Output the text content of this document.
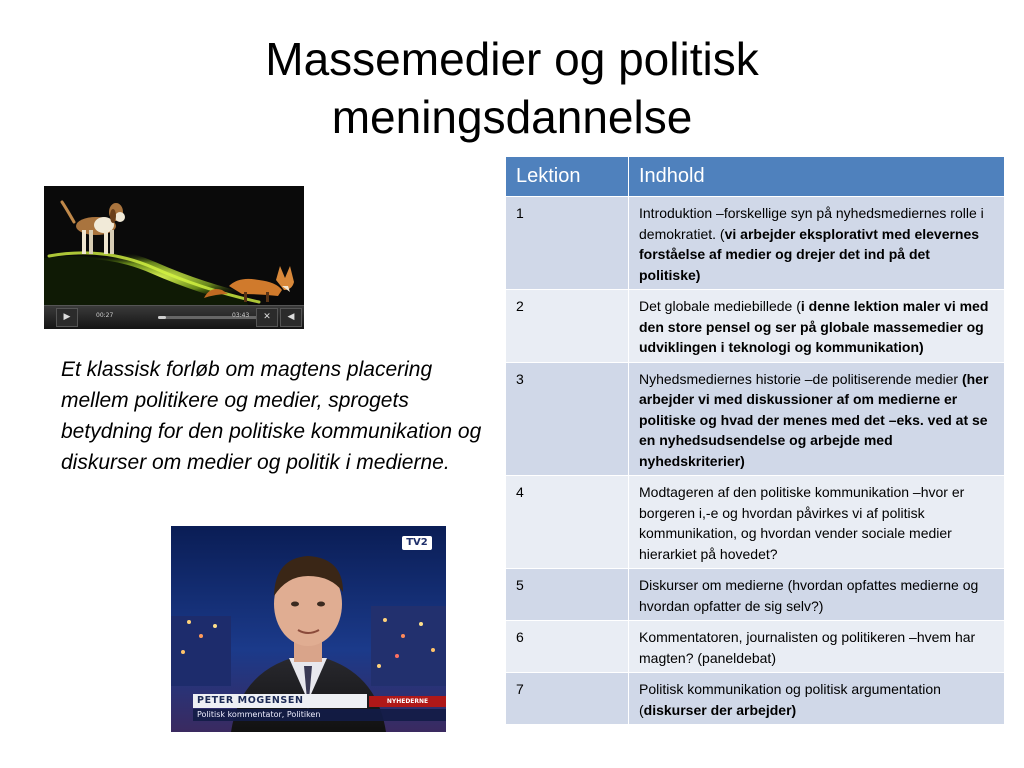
Massemedier og politisk
meningsdannelse
▶	00:27	03:43	✕	◀
Et klassisk forløb om magtens placering mellem politikere og medier, sprogets betydning for den politiske kommunikation og diskurser om medier og politik i medierne.
TV2
PETER MOGENSEN	NYHEDERNE
Politisk kommentator, Politiken
Lektion	Indhold
1	Introduktion –forskellige syn på nyhedsmediernes rolle i demokratiet. (vi arbejder eksplorativt med elevernes forståelse af medier og drejer det ind på det politiske)
2	Det globale mediebillede (i denne lektion maler vi med den store pensel og ser på globale massemedier og udviklingen i teknologi og kommunikation)
3	Nyhedsmediernes historie –de politiserende medier (her arbejder vi med diskussioner af om medierne er politiske og hvad der menes med det –eks. ved at se en nyhedsudsendelse og arbejde med nyhedskriterier)
4	Modtageren af den politiske kommunikation –hvor er borgeren i,-e og hvordan påvirkes vi af politisk kommunikation, og hvordan vender sociale medier hierarkiet på hovedet?
5	Diskurser om medierne (hvordan opfattes medierne og hvordan opfatter de sig selv?)
6	Kommentatoren, journalisten og politikeren –hvem har magten? (paneldebat)
7	Politisk kommunikation og politisk argumentation (diskurser der arbejder)
